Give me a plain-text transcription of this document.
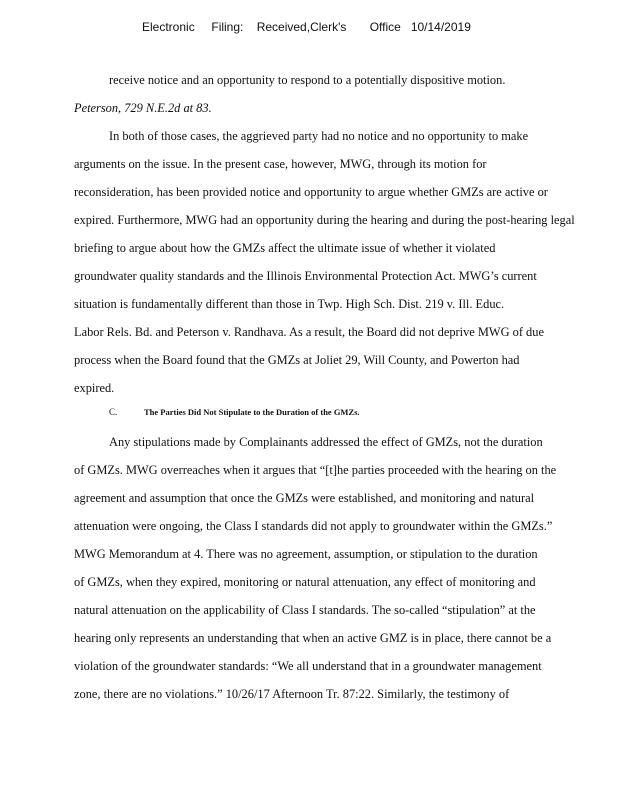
Electronic     Filing:    Received,Clerk's       Office   10/14/2019
receive notice and an opportunity to respond to a potentially dispositive motion.
Peterson, 729 N.E.2d at 83.
In both of those cases, the aggrieved party had no notice and no opportunity to make
arguments on the issue. In the present case, however, MWG, through its motion for
reconsideration, has been provided notice and opportunity to argue whether GMZs are active or
expired. Furthermore, MWG had an opportunity during the hearing and during the post-hearing legal
briefing to argue about how the GMZs affect the ultimate issue of whether it violated
groundwater quality standards and the Illinois Environmental Protection Act. MWG’s current
situation is fundamentally different than those in Twp. High Sch. Dist. 219 v. Ill. Educ.
Labor Rels. Bd. and Peterson v. Randhava. As a result, the Board did not deprive MWG of due
process when the Board found that the GMZs at Joliet 29, Will County, and Powerton had
expired.
C.	The Parties Did Not Stipulate to the Duration of the GMZs.
Any stipulations made by Complainants addressed the effect of GMZs, not the duration
of GMZs. MWG overreaches when it argues that “[t]he parties proceeded with the hearing on the
agreement and assumption that once the GMZs were established, and monitoring and natural
attenuation were ongoing, the Class I standards did not apply to groundwater within the GMZs.”
MWG Memorandum at 4. There was no agreement, assumption, or stipulation to the duration
of GMZs, when they expired, monitoring or natural attenuation, any effect of monitoring and
natural attenuation on the applicability of Class I standards. The so-called “stipulation” at the
hearing only represents an understanding that when an active GMZ is in place, there cannot be a
violation of the groundwater standards: “We all understand that in a groundwater management
zone, there are no violations.” 10/26/17 Afternoon Tr. 87:22. Similarly, the testimony of
